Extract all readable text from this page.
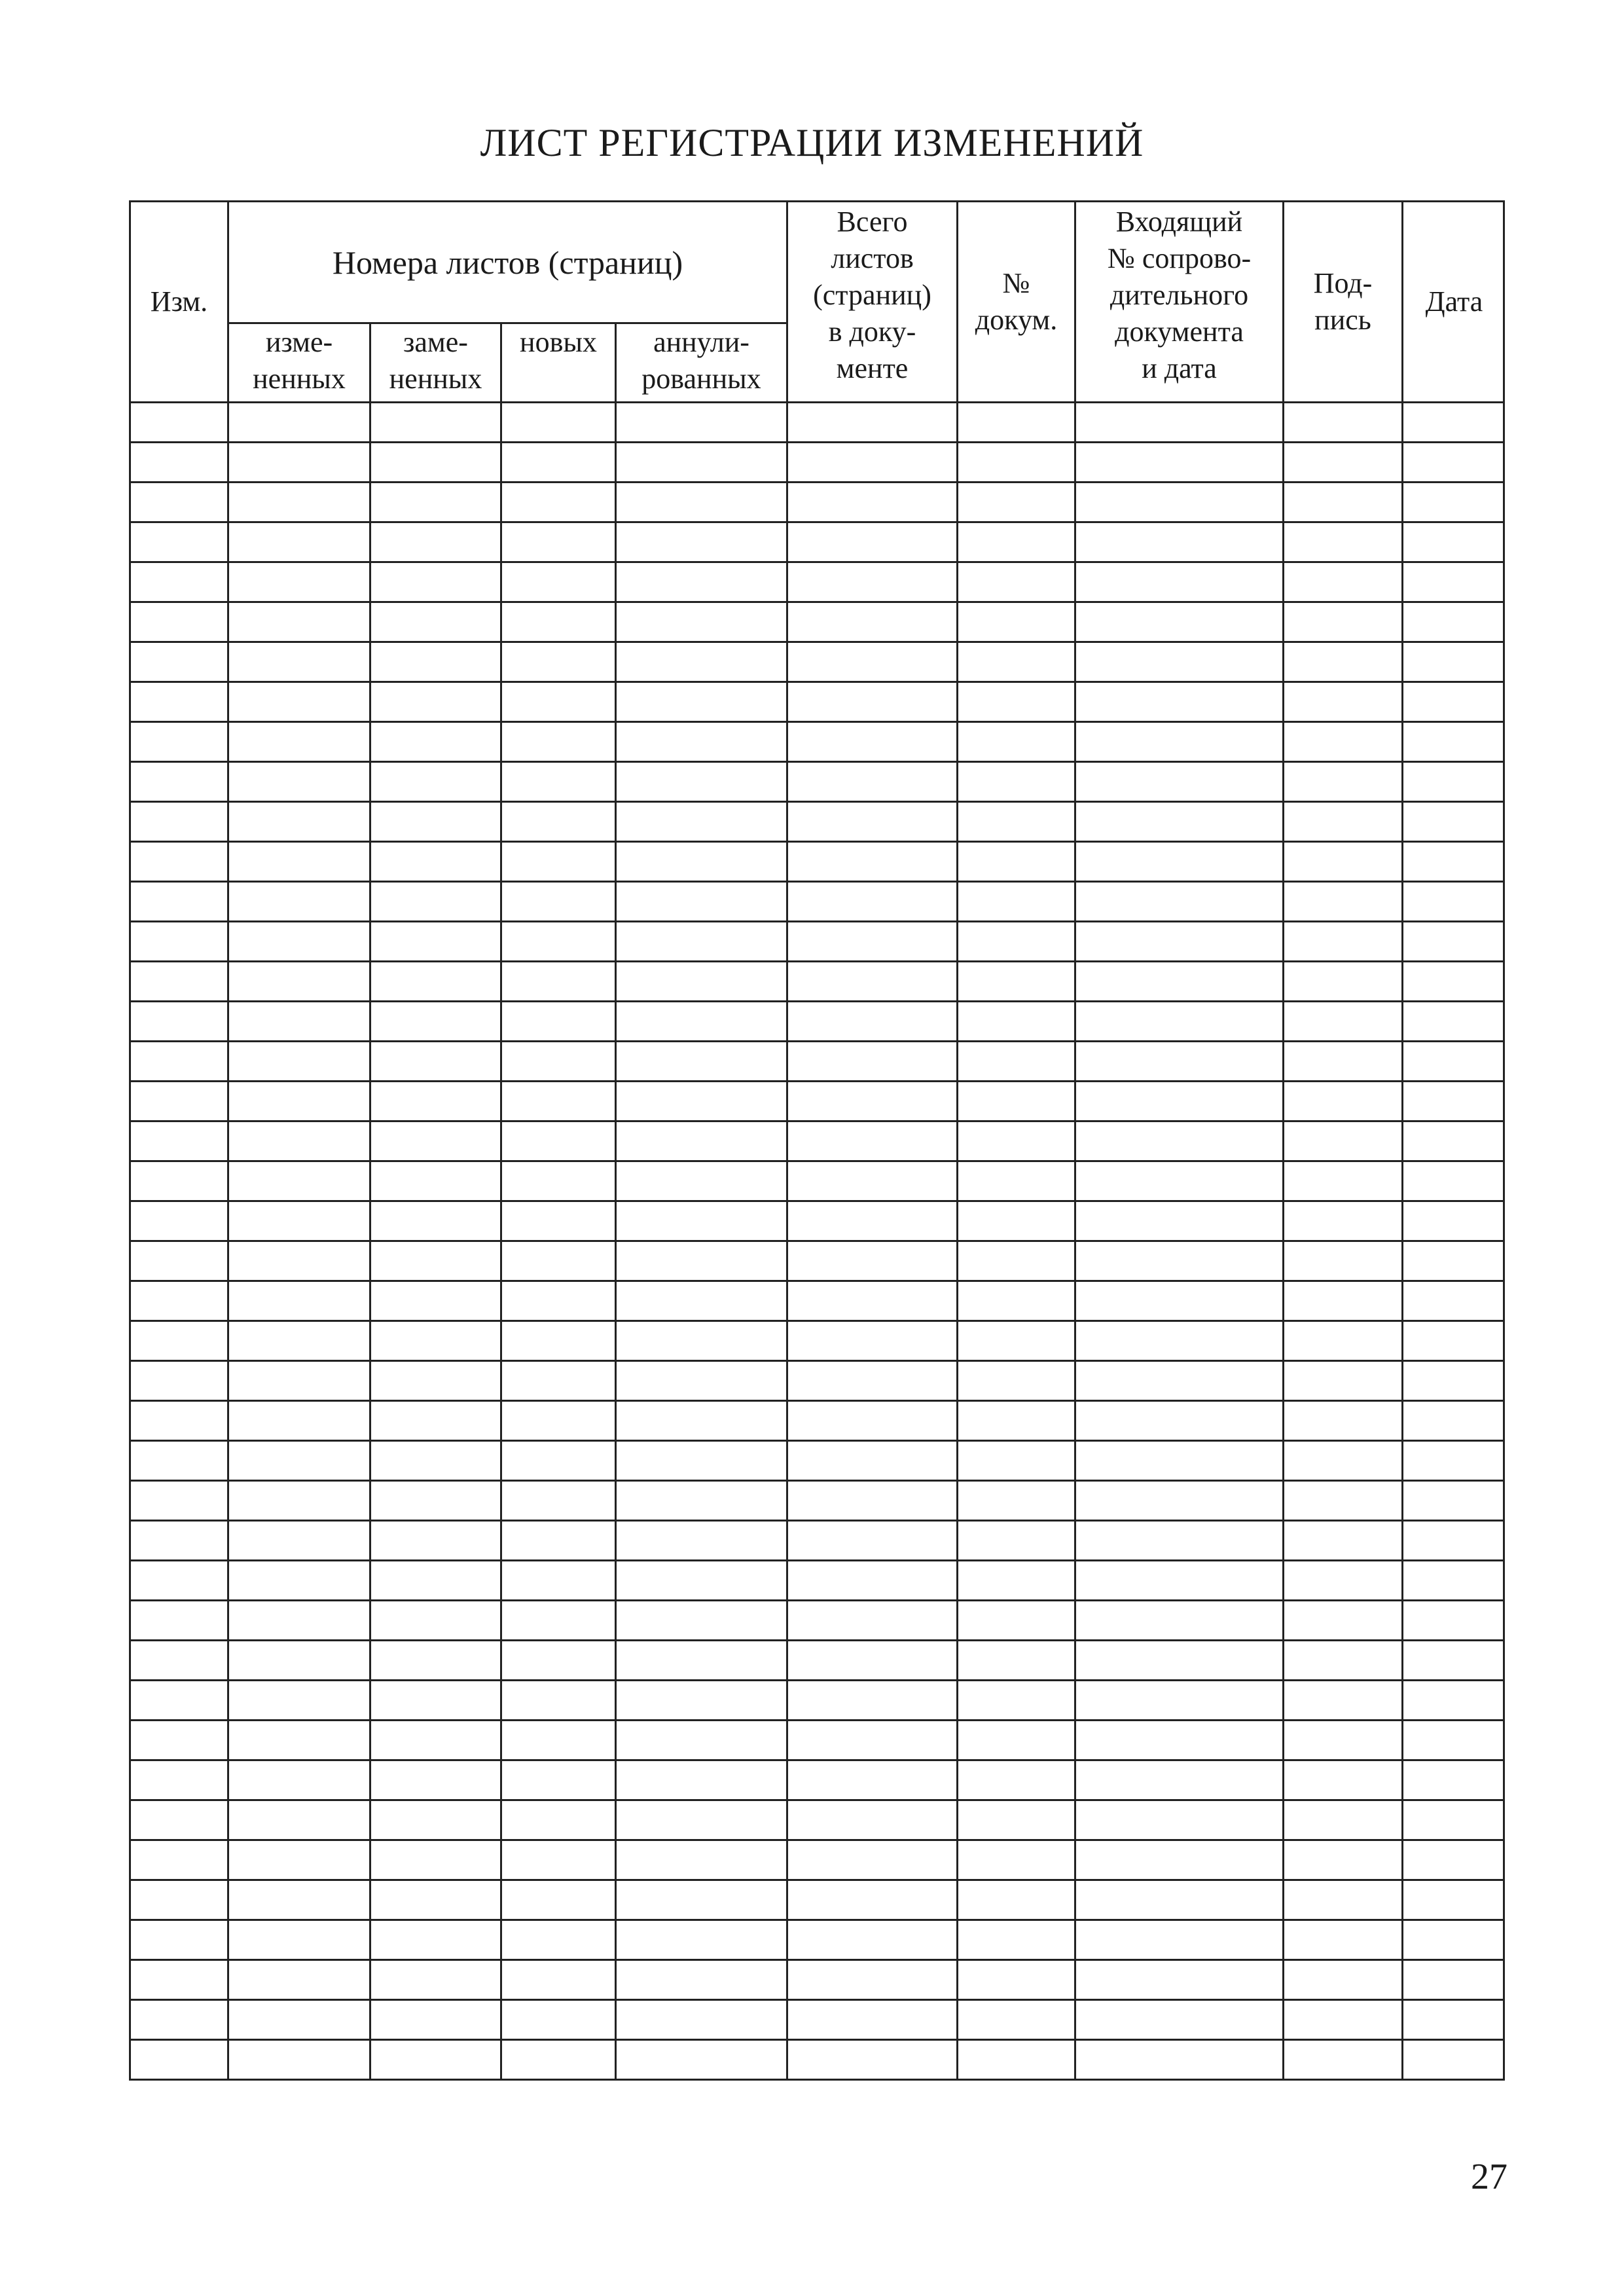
ЛИСТ РЕГИСТРАЦИИ ИЗМЕНЕНИЙ
Изм.
Номера листов (страниц)
изме-
ненных
заме-
ненных
новых	аннули-
рованных
Всего
листов
(страниц)
в доку-
менте
№
докум.
Входящий
№ сопрово-
дительного
документа
и дата
Под-
пись
Дата
27
